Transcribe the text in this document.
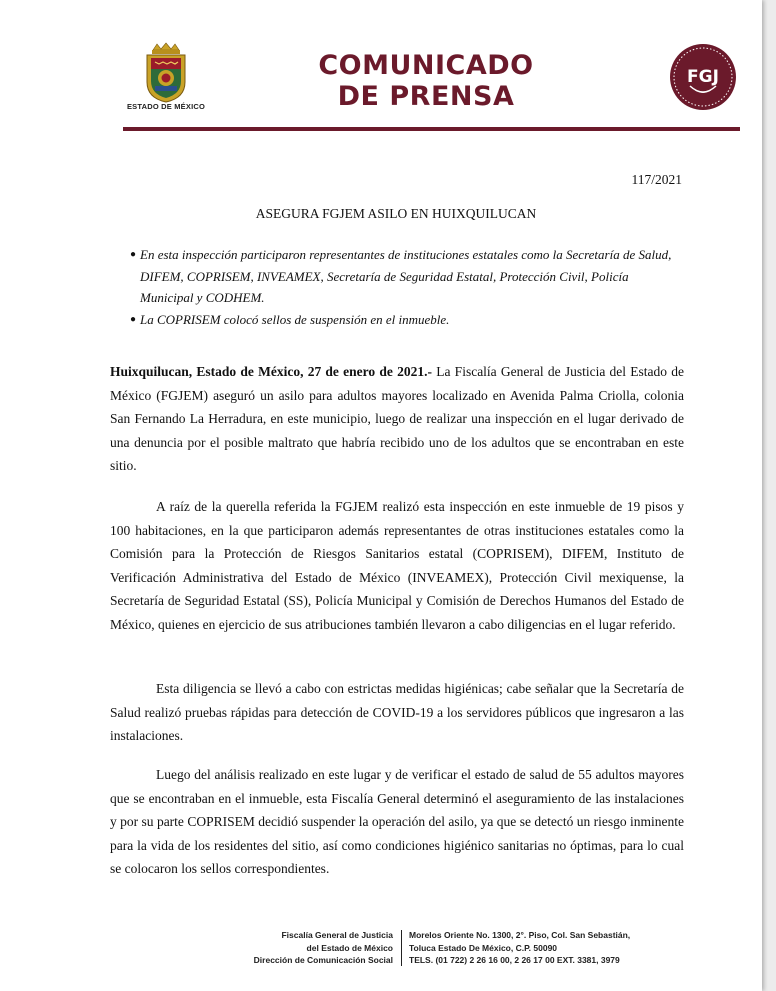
ESTADO DE MÉXICO
COMUNICADO
DE PRENSA
FGJ
117/2021
ASEGURA FGJEM ASILO EN HUIXQUILUCAN
● En esta inspección participaron representantes de instituciones estatales como la Secretaría de Salud, DIFEM, COPRISEM, INVEAMEX, Secretaría de Seguridad Estatal, Protección Civil, Policía Municipal y CODHEM.
● La COPRISEM colocó sellos de suspensión en el inmueble.

Huixquilucan, Estado de México, 27 de enero de 2021.- La Fiscalía General de Justicia del Estado de México (FGJEM) aseguró un asilo para adultos mayores localizado en Avenida Palma Criolla, colonia San Fernando La Herradura, en este municipio, luego de realizar una inspección en el lugar derivado de una denuncia por el posible maltrato que habría recibido uno de los adultos que se encontraban en este sitio.

A raíz de la querella referida la FGJEM realizó esta inspección en este inmueble de 19 pisos y 100 habitaciones, en la que participaron además representantes de otras instituciones estatales como la Comisión para la Protección de Riesgos Sanitarios estatal (COPRISEM), DIFEM, Instituto de Verificación Administrativa del Estado de México (INVEAMEX), Protección Civil mexiquense, la Secretaría de Seguridad Estatal (SS), Policía Municipal y Comisión de Derechos Humanos del Estado de México, quienes en ejercicio de sus atribuciones también llevaron a cabo diligencias en el lugar referido.

Esta diligencia se llevó a cabo con estrictas medidas higiénicas; cabe señalar que la Secretaría de Salud realizó pruebas rápidas para detección de COVID-19 a los servidores públicos que ingresaron a las instalaciones.

Luego del análisis realizado en este lugar y de verificar el estado de salud de 55 adultos mayores que se encontraban en el inmueble, esta Fiscalía General determinó el aseguramiento de las instalaciones y por su parte COPRISEM decidió suspender la operación del asilo, ya que se detectó un riesgo inminente para la vida de los residentes del sitio, así como condiciones higiénico sanitarias no óptimas, para lo cual se colocaron los sellos correspondientes.

Fiscalía General de Justicia
del Estado de México
Dirección de Comunicación Social
Morelos Oriente No. 1300, 2°. Piso, Col. San Sebastián,
Toluca Estado De México, C.P. 50090
TELS. (01 722) 2 26 16 00, 2 26 17 00 EXT. 3381, 3979
